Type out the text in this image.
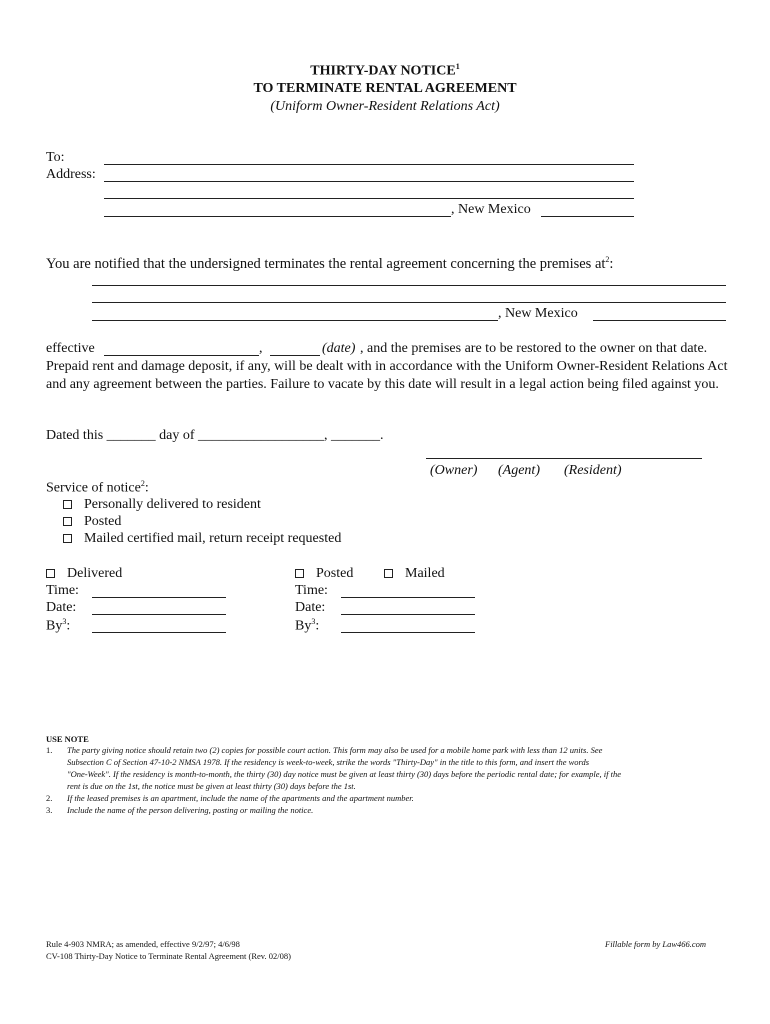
THIRTY-DAY NOTICE$^1$
TO TERMINATE RENTAL AGREEMENT
(Uniform Owner-Resident Relations Act)
To:
Address:
, New Mexico
You are notified that the undersigned terminates the rental agreement concerning the premises $at^2$:
, New Mexico
effective	,	(date) , and the premises are to be restored to the owner on that date.
Prepaid rent and damage deposit, if any, will be dealt with in accordance with the Uniform Owner-Resident Relations Act and any agreement between the parties. Failure to vacate by this date will result in a legal action being filed against you.
Dated this _______ day of __________________, _______.
(Owner) (Agent) (Resident)
Service of notice$^2$:
Personally delivered to resident
Posted
Mailed certified mail, return receipt requested
Delivered
Time:
Date:
By$^3$:
Posted	Mailed
Time:
Date:
By$^3$:
USE NOTE
1. The party giving notice should retain two (2) copies for possible court action. This form may also be used for a mobile home park with less than 12 units. See
Subsection C of Section 47-10-2 NMSA 1978. If the residency is week-to-week, strike the words "Thirty-Day" in the title to this form, and insert the words
"One-Week". If the residency is month-to-month, the thirty (30) day notice must be given at least thirty (30) days before the periodic rental date; for example, if the
rent is due on the 1st, the notice must be given at least thirty (30) days before the 1st.
2. If the leased premises is an apartment, include the name of the apartments and the apartment number.
3. Include the name of the person delivering, posting or mailing the notice.
Rule 4-903 NMRA; as amended, effective 9/2/97; 4/6/98
CV-108 Thirty-Day Notice to Terminate Rental Agreement (Rev. 02/08)
Fillable form by Law466.com
